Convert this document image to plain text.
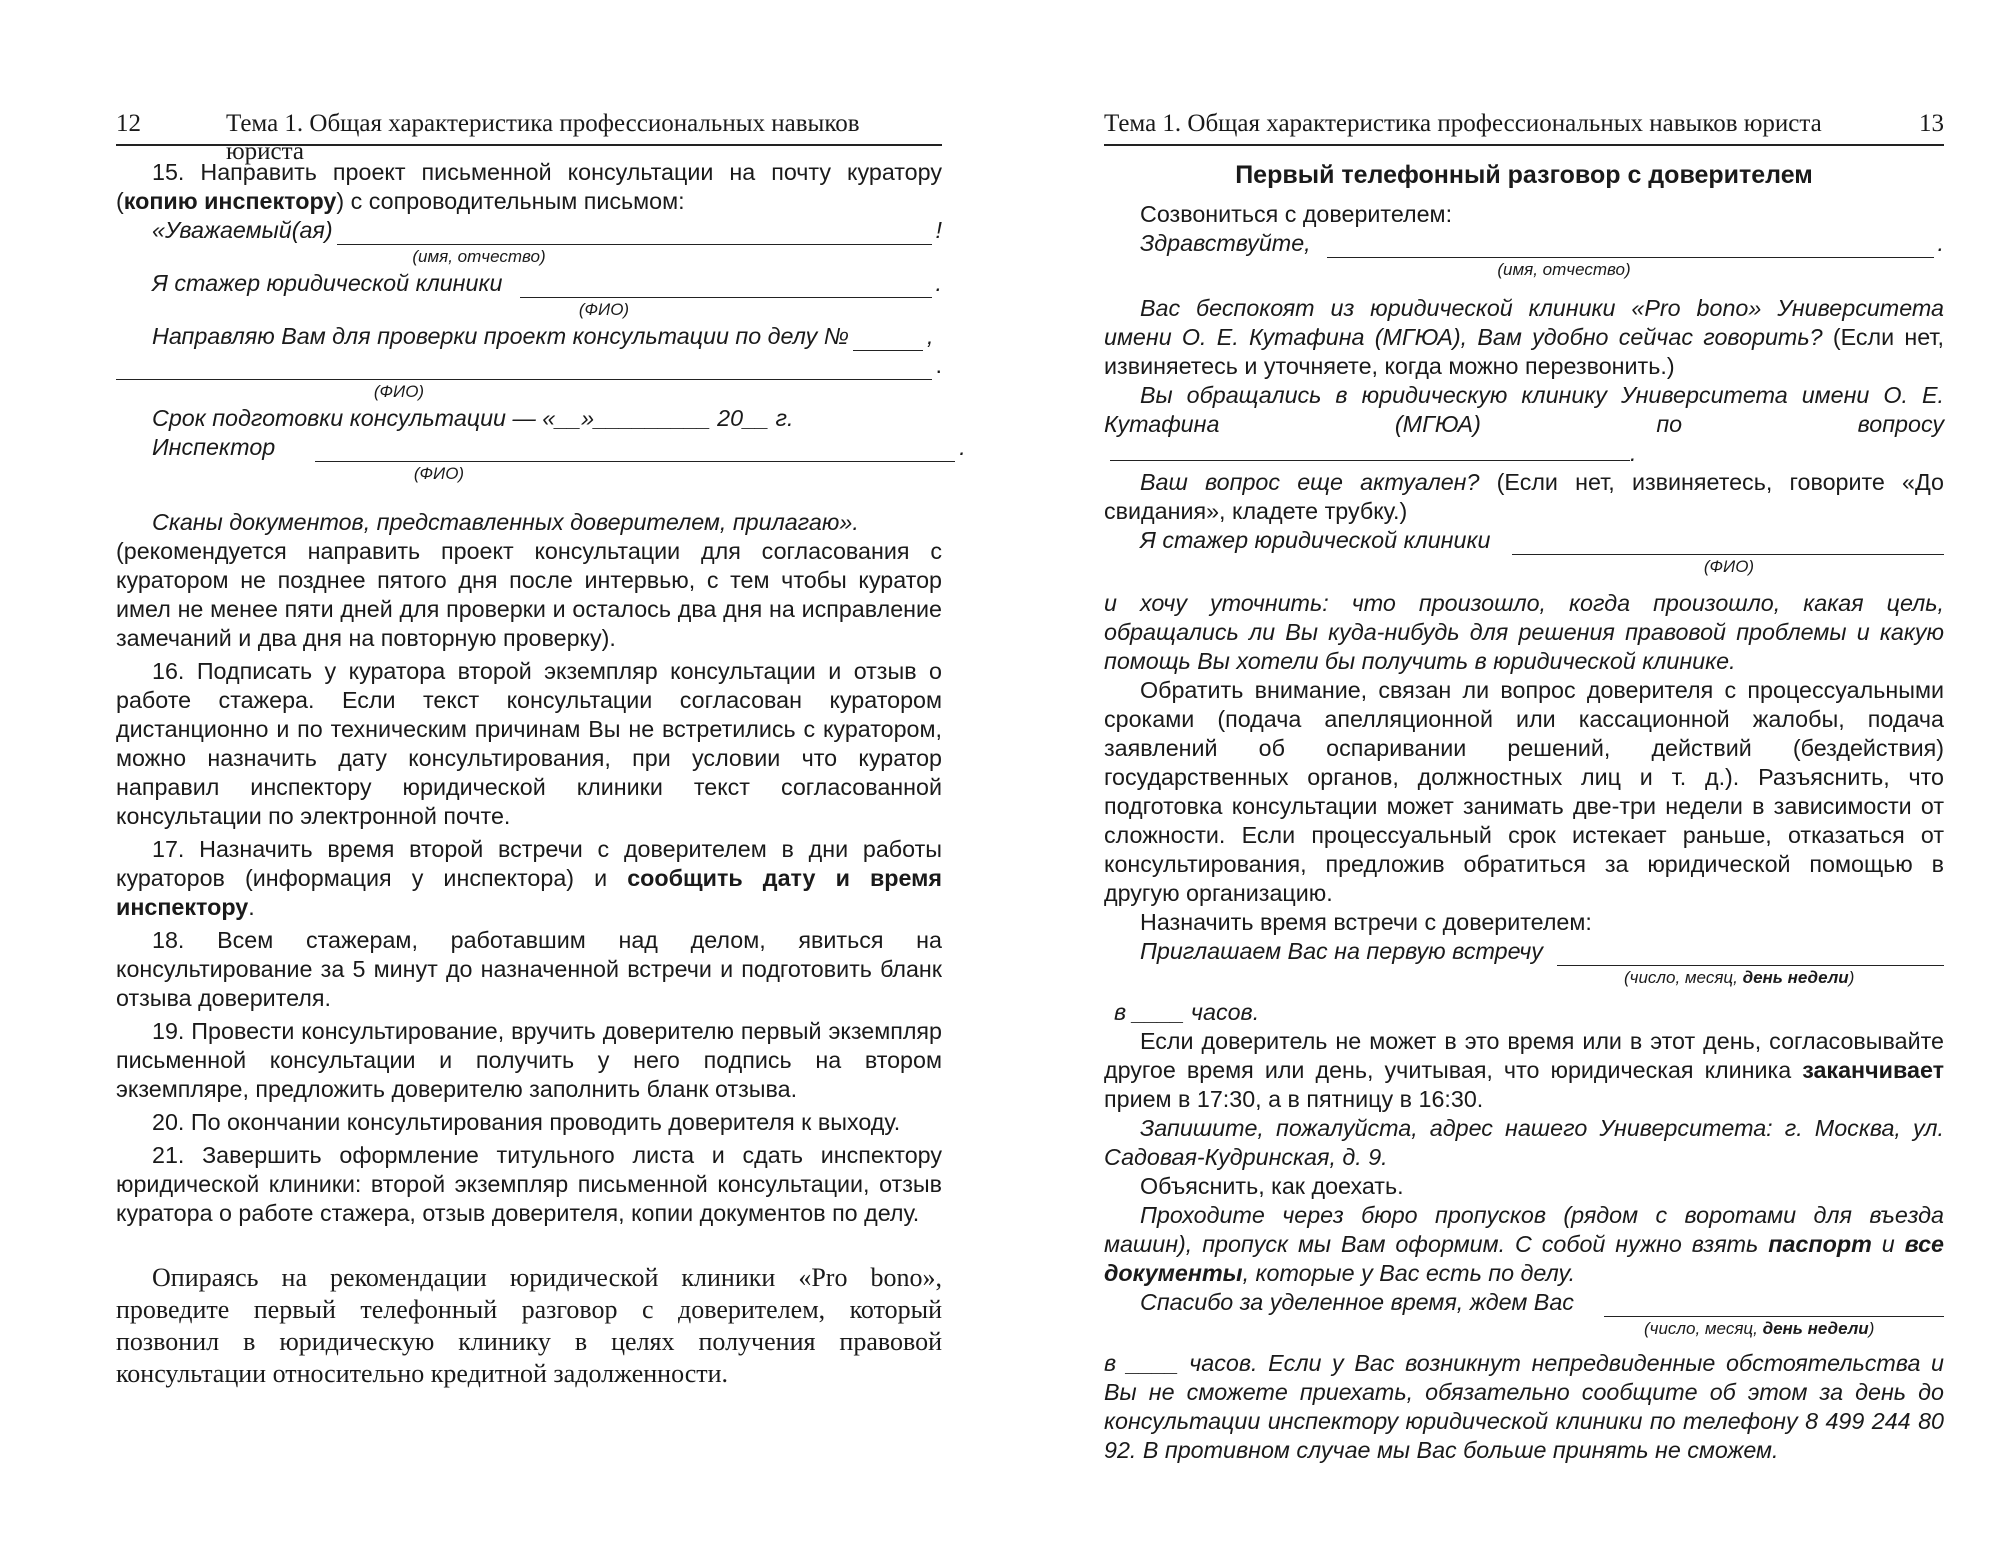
12	Тема 1. Общая характеристика профессиональных навыков юриста

15. Направить проект письменной консультации на почту куратору (копию инспектору) с сопроводительным письмом:

«Уважаемый(ая)	!
(имя, отчество)
Я стажер юридической клиники	.
(ФИО)
Направляю Вам для проверки проект консультации по делу №	,
.
(ФИО)

Срок подготовки консультации — «__»_________ 20__ г.

Инспектор	.
(ФИО)

Сканы документов, представленных доверителем, прилагаю».

(рекомендуется направить проект консультации для согласования с куратором не позднее пятого дня после интервью, с тем чтобы куратор имел не менее пяти дней для проверки и осталось два дня на исправление замечаний и два дня на повторную проверку).

16. Подписать у куратора второй экземпляр консультации и отзыв о работе стажера. Если текст консультации согласован куратором дистанционно и по техническим причинам Вы не встретились с куратором, можно назначить дату консультирования, при условии что куратор направил инспектору юридической клиники текст согласованной консультации по электронной почте.

17. Назначить время второй встречи с доверителем в дни работы кураторов (информация у инспектора) и сообщить дату и время инспектору.

18. Всем стажерам, работавшим над делом, явиться на консультирование за 5 минут до назначенной встречи и подготовить бланк отзыва доверителя.

19. Провести консультирование, вручить доверителю первый экземпляр письменной консультации и получить у него подпись на втором экземпляре, предложить доверителю заполнить бланк отзыва.

20. По окончании консультирования проводить доверителя к выходу.

21. Завершить оформление титульного листа и сдать инспектору юридической клиники: второй экземпляр письменной консультации, отзыв куратора о работе стажера, отзыв доверителя, копии документов по делу.

Опираясь на рекомендации юридической клиники «Pro bono», проведите первый телефонный разговор с доверителем, который позвонил в юридическую клинику в целях получения правовой консультации относительно кредитной задолженности.

Тема 1. Общая характеристика профессиональных навыков юриста	13
Первый телефонный разговор с доверителем

Созвониться с доверителем:

Здравствуйте,	.
(имя, отчество)

Вас беспокоят из юридической клиники «Pro bono» Университета имени О. Е. Кутафина (МГЮА), Вам удобно сейчас говорить? (Если нет, извиняетесь и уточняете, когда можно перезвонить.)

Вы обращались в юридическую клинику Университета имени О. Е. Кутафина (МГЮА) по вопросу.

Ваш вопрос еще актуален? (Если нет, извиняетесь, говорите «До свидания», кладете трубку.)

Я стажер юридической клиники
(ФИО)

и хочу уточнить: что произошло, когда произошло, какая цель, обращались ли Вы куда-нибудь для решения правовой проблемы и какую помощь Вы хотели бы получить в юридической клинике.

Обратить внимание, связан ли вопрос доверителя с процессуальными сроками (подача апелляционной или кассационной жалобы, подача заявлений об оспаривании решений, действий (бездействия) государственных органов, должностных лиц и т. д.). Разъяснить, что подготовка консультации может занимать две-три недели в зависимости от сложности. Если процессуальный срок истекает раньше, отказаться от консультирования, предложив обратиться за юридической помощью в другую организацию.

Назначить время встречи с доверителем:

Приглашаем Вас на первую встречу
(число, месяц, день недели)

в ____ часов.

Если доверитель не может в это время или в этот день, согласовывайте другое время или день, учитывая, что юридическая клиника заканчивает прием в 17:30, а в пятницу в 16:30.

Запишите, пожалуйста, адрес нашего Университета: г. Москва, ул. Садовая-Кудринская, д. 9.

Объяснить, как доехать.

Проходите через бюро пропусков (рядом с воротами для въезда машин), пропуск мы Вам оформим. С собой нужно взять паспорт и все документы, которые у Вас есть по делу.

Спасибо за уделенное время, ждем Вас
(число, месяц, день недели)

в ____ часов. Если у Вас возникнут непредвиденные обстоятельства и Вы не сможете приехать, обязательно сообщите об этом за день до консультации инспектору юридической клиники по телефону 8 499 244 80 92. В противном случае мы Вас больше принять не сможем.
